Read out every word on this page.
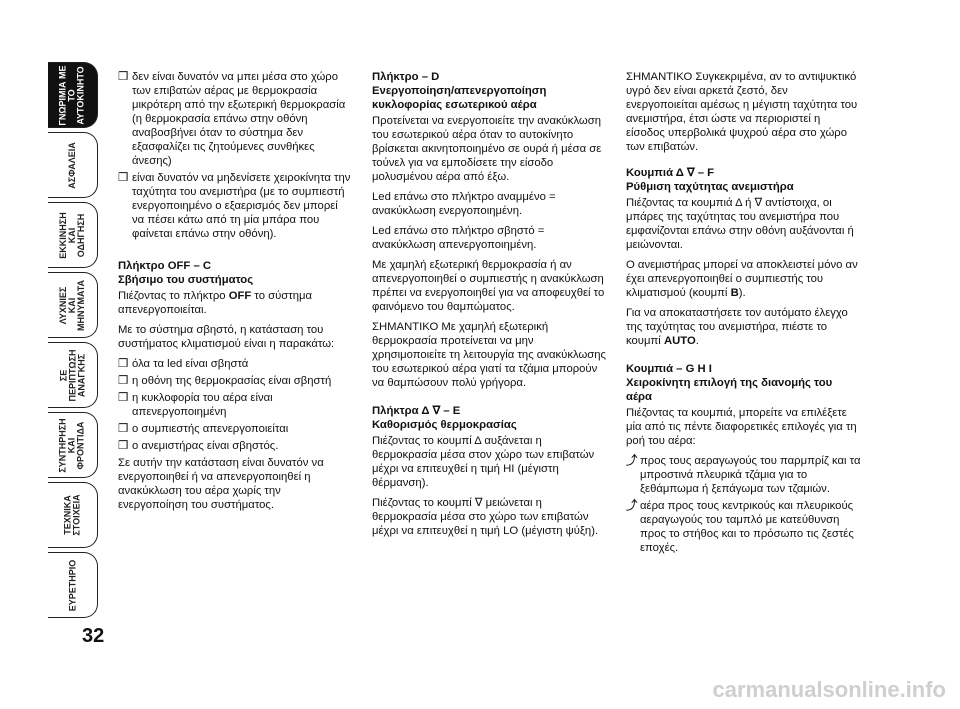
ΓΝΩΡΙΜΙΑ ΜΕ
ΤΟ
ΑΥΤΟΚΙΝΗΤΟ
ΑΣΦΑΛΕΙΑ
ΕΚΚΙΝΗΣΗ
ΚΑΙ
ΟΔΗΓΗΣΗ
ΛΥΧΝΙΕΣ
ΚΑΙ
ΜΗΝΥΜΑΤΑ
ΣΕ
ΠΕΡΙΠΤΩΣΗ
ΑΝΑΓΚΗΣ
ΣΥΝΤΗΡΗΣΗ
ΚΑΙ
ΦΡΟΝΤΙΔΑ
ΤΕΧΝΙΚΑ
ΣΤΟΙΧΕΙΑ
ΕΥΡΕΤΗΡΙΟ

❒ δεν είναι δυνατόν να μπει μέσα στο χώρο των επιβατών αέρας με θερμοκρασία μικρότερη από την εξωτερική θερμοκρασία (η θερμοκρασία επάνω στην οθόνη αναβοσβήνει όταν το σύστημα δεν εξασφαλίζει τις ζητούμενες συνθήκες άνεσης)

❒ είναι δυνατόν να μηδενίσετε χειροκίνητα την ταχύτητα του ανεμιστήρα (με το συμπιεστή ενεργοποιημένο ο εξαερισμός δεν μπορεί να πέσει κάτω από τη μία μπάρα που φαίνεται επάνω στην οθόνη).

Πλήκτρο OFF – C

Σβήσιμο του συστήματος

Πιέζοντας το πλήκτρο OFF το σύστημα απενεργοποιείται.

Με το σύστημα σβηστό, η κατάσταση του συστήματος κλιματισμού είναι η παρακάτω:

❒ όλα τα led είναι σβηστά

❒ η οθόνη της θερμοκρασίας είναι σβηστή

❒ η κυκλοφορία του αέρα είναι απενεργοποιημένη

❒ ο συμπιεστής απενεργοποιείται

❒ ο ανεμιστήρας είναι σβηστός.

Σε αυτήν την κατάσταση είναι δυνατόν να ενεργοποιηθεί ή να απενεργοποιηθεί η ανακύκλωση του αέρα χωρίς την ενεργοποίηση του συστήματος.

Πλήκτρο – D

Ενεργοποίηση/απενεργοποίηση κυκλοφορίας εσωτερικού αέρα

Προτείνεται να ενεργοποιείτε την ανακύκλωση του εσωτερικού αέρα όταν το αυτοκίνητο βρίσκεται ακινητοποιημένο σε ουρά ή μέσα σε τούνελ για να εμποδίσετε την είσοδο μολυσμένου αέρα από έξω.

Led επάνω στο πλήκτρο αναμμένο = ανακύκλωση ενεργοποιημένη.

Led επάνω στο πλήκτρο σβηστό = ανακύκλωση απενεργοποιημένη.

Με χαμηλή εξωτερική θερμοκρασία ή αν απενεργοποιηθεί ο συμπιεστής η ανακύκλωση πρέπει να ενεργοποιηθεί για να αποφευχθεί το φαινόμενο του θαμπώματος.

ΣΗΜΑΝΤΙΚΟ Με χαμηλή εξωτερική θερμοκρασία προτείνεται να μην χρησιμοποιείτε τη λειτουργία της ανακύκλωσης του εσωτερικού αέρα γιατί τα τζάμια μπορούν να θαμπώσουν πολύ γρήγορα.

Πλήκτρα Δ ∇ – E

Καθορισμός θερμοκρασίας

Πιέζοντας το κουμπί Δ αυξάνεται η θερμοκρασία μέσα στον χώρο των επιβατών μέχρι να επιτευχθεί η τιμή HI (μέγιστη θέρμανση).

Πιέζοντας το κουμπί ∇ μειώνεται η θερμοκρασία μέσα στο χώρο των επιβατών μέχρι να επιτευχθεί η τιμή LO (μέγιστη ψύξη).

ΣΗΜΑΝΤΙΚΟ Συγκεκριμένα, αν το αντιψυκτικό υγρό δεν είναι αρκετά ζεστό, δεν ενεργοποιείται αμέσως η μέγιστη ταχύτητα του ανεμιστήρα, έτσι ώστε να περιοριστεί η είσοδος υπερβολικά ψυχρού αέρα στο χώρο των επιβατών.

Κουμπιά Δ ∇ – F

Ρύθμιση ταχύτητας ανεμιστήρα

Πιέζοντας τα κουμπιά Δ ή ∇ αντίστοιχα, οι μπάρες της ταχύτητας του ανεμιστήρα που εμφανίζονται επάνω στην οθόνη αυξάνονται ή μειώνονται.

Ο ανεμιστήρας μπορεί να αποκλειστεί μόνο αν έχει απενεργοποιηθεί ο συμπιεστής του κλιματισμού (κουμπί B).

Για να αποκαταστήσετε τον αυτόματο έλεγχο της ταχύτητας του ανεμιστήρα, πιέστε το κουμπί AUTO.

Κουμπιά – G H I

Χειροκίνητη επιλογή της διανομής του αέρα

Πιέζοντας τα κουμπιά, μπορείτε να επιλέξετε μία από τις πέντε διαφορετικές επιλογές για τη ροή του αέρα:

⤴ προς τους αεραγωγούς του παρμπρίζ και τα μπροστινά πλευρικά τζάμια για το ξεθάμπωμα ή ξεπάγωμα των τζαμιών.

⤴ αέρα προς τους κεντρικούς και πλευρικούς αεραγωγούς του ταμπλό με κατεύθυνση προς το στήθος και το πρόσωπο τις ζεστές εποχές.

32
carmanualsonline.info
